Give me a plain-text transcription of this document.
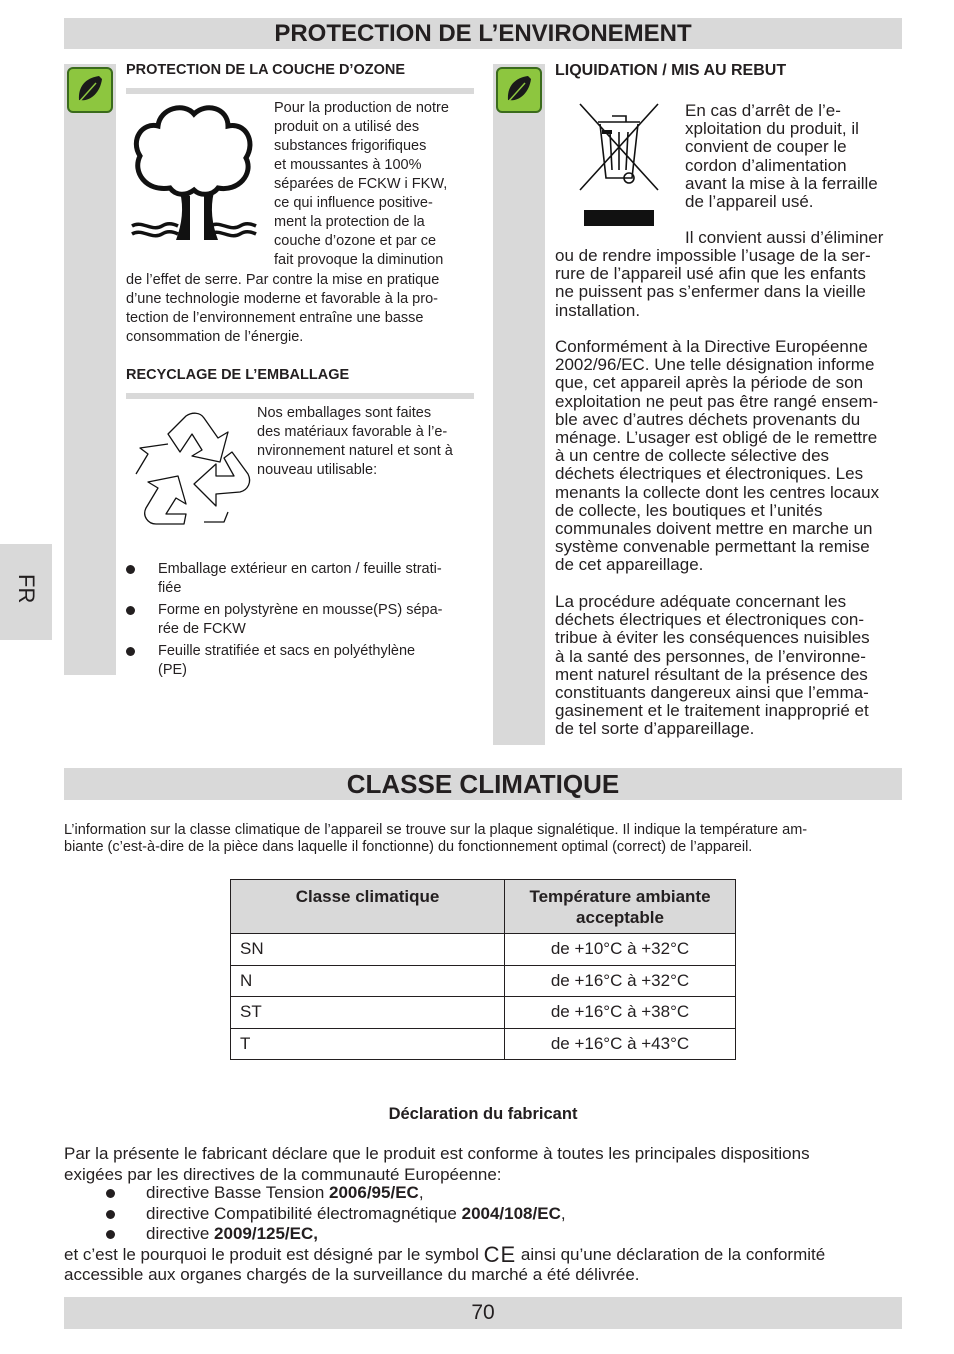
PROTECTION DE L’ENVIRONEMENT
PROTECTION DE LA COUCHE D’OZONE
Pour la production de notre
produit on a utilisé des
substances frigorifiques
et moussantes à 100%
séparées de FCKW i FKW,
ce qui influence positive-
ment la protection de la
couche d’ozone et par ce
fait provoque la diminution
de l’effet de serre. Par contre la mise en pratique
d’une technologie moderne et favorable à la pro-
tection de l’environnement entraîne une basse
consommation de l’énergie.
RECYCLAGE DE L’EMBALLAGE
Nos emballages sont faites
des matériaux favorable à l’e-
nvironnement naturel et sont à
nouveau utilisable:
Emballage extérieur en carton / feuille strati-
fiée
Forme en polystyrène en mousse(PS) sépa-
rée de FCKW
Feuille stratifiée et sacs en polyéthylène
(PE)
LIQUIDATION / MIS AU REBUT
En cas d’arrêt de l’e-
xploitation du produit, il
convient de couper le
cordon d’alimentation
avant la mise à la ferraille
de l’appareil usé.
Il convient aussi d’éliminer
ou de rendre impossible l’usage de la ser-
rure de l’appareil usé afin que les enfants
ne puissent pas s’enfermer dans la vieille
installation.
Conformément à la Directive Européenne
2002/96/EC. Une telle désignation informe
que, cet appareil après la période de son
exploitation ne peut pas être rangé ensem-
ble avec d’autres déchets provenants du
ménage. L’usager est obligé de le remettre
à un centre de collecte sélective des
déchets électriques et électroniques. Les
menants la collecte dont les centres locaux
de collecte, les boutiques et l’unités
communales doivent mettre en marche un
système convenable permettant la remise
de cet appareillage.
La procédure adéquate concernant les
déchets électriques et électroniques con-
tribue à éviter les conséquences nuisibles
à la santé des personnes, de l’environne-
ment naturel résultant de la présence des
constituants dangereux ainsi que l’emma-
gasinement et le traitement inapproprié et
de tel sorte d’appareillage.
FR
CLASSE CLIMATIQUE
L’information sur la classe climatique de l’appareil se trouve sur la plaque signalétique. Il indique la température am-
biante (c’est-à-dire de la pièce dans laquelle il fonctionne) du fonctionnement optimal (correct) de l’appareil.
Classe climatique	Température ambiante acceptable
SN	de +10°C à +32°C
N	de +16°C à +32°C
ST	de +16°C à +38°C
T	de +16°C à +43°C
Déclaration du fabricant
Par la présente le fabricant déclare que le produit est conforme à toutes les principales dispositions
exigées par les directives de la communauté Européenne:
directive Basse Tension 2006/95/EC,
directive Compatibilité électromagnétique 2004/108/EC,
directive 2009/125/EC,
et c’est le pourquoi le produit est désigné par le symbol CE ainsi qu’une déclaration de la conformité
accessible aux organes chargés de la surveillance du marché a été délivrée.
70
